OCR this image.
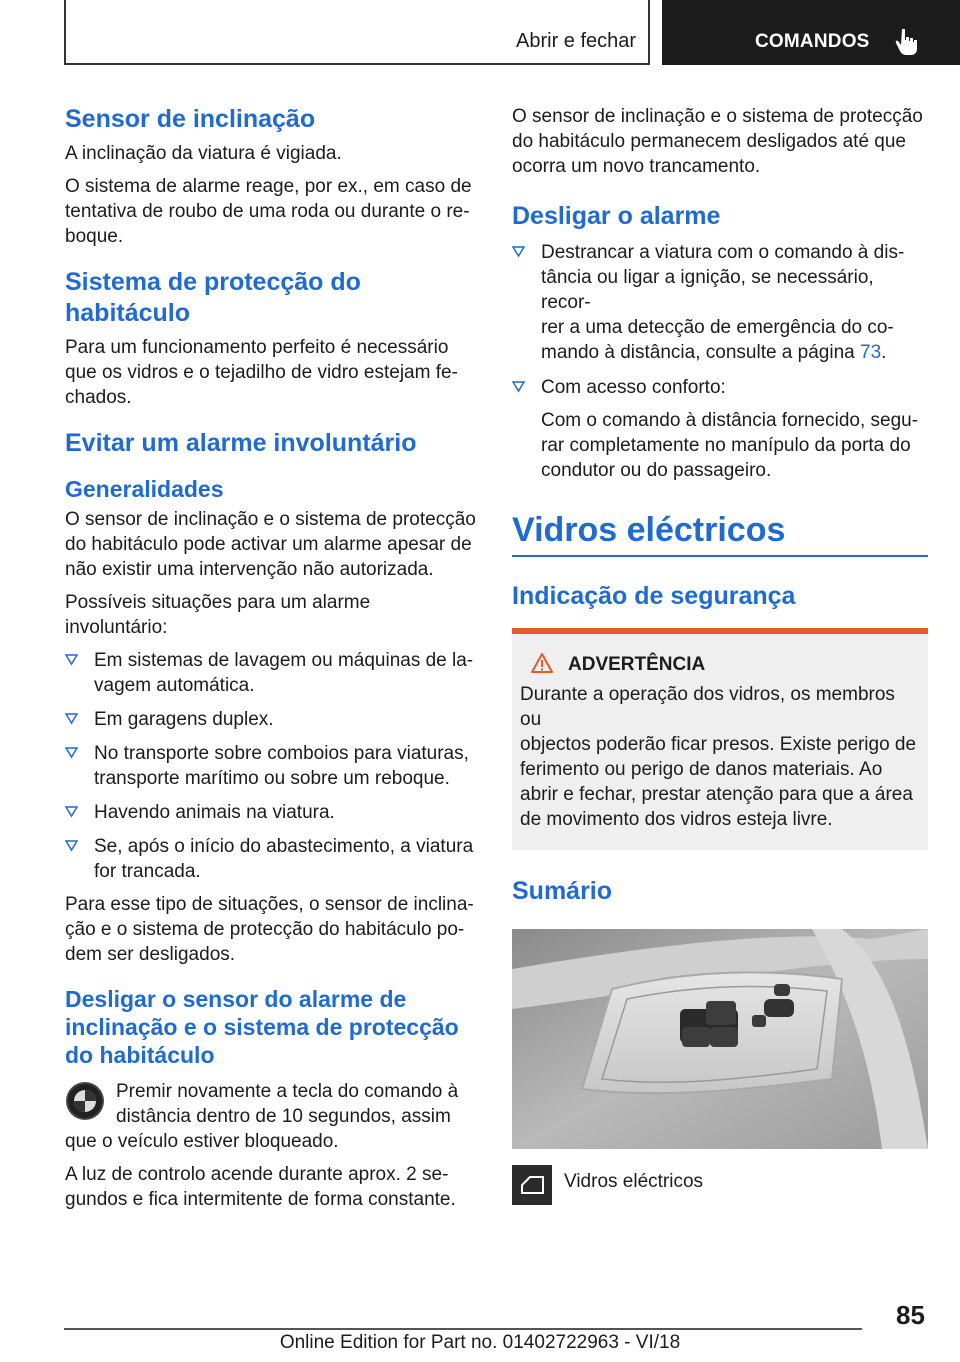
Abrir e fechar	COMANDOS
Sensor de inclinação

A inclinação da viatura é vigiada.

O sistema de alarme reage, por ex., em caso de

tentativa de roubo de uma roda ou durante o re-

boque.

Sistema de protecção do
habitáculo

Para um funcionamento perfeito é necessário

que os vidros e o tejadilho de vidro estejam fe-

chados.

Evitar um alarme involuntário
Generalidades

O sensor de inclinação e o sistema de protecção

do habitáculo pode activar um alarme apesar de

não existir uma intervenção não autorizada.

Possíveis situações para um alarme involuntário:

Em sistemas de lavagem ou máquinas de la-
vagem automática.
Em garagens duplex.
No transporte sobre comboios para viaturas,
transporte marítimo ou sobre um reboque.
Havendo animais na viatura.
Se, após o início do abastecimento, a viatura
for trancada.

Para esse tipo de situações, o sensor de inclina-

ção e o sistema de protecção do habitáculo po-

dem ser desligados.

Desligar o sensor do alarme de
inclinação e o sistema de protecção
do habitáculo

Premir novamente a tecla do comando à

distância dentro de 10 segundos, assim

que o veículo estiver bloqueado.

A luz de controlo acende durante aprox. 2 se-

gundos e fica intermitente de forma constante.

O sensor de inclinação e o sistema de protecção

do habitáculo permanecem desligados até que

ocorra um novo trancamento.

Desligar o alarme
Destrancar a viatura com o comando à dis-
tância ou ligar a ignição, se necessário, recor-
rer a uma detecção de emergência do co-
mando à distância, consulte a página 73.
Com acesso conforto:
Com o comando à distância fornecido, segu-
rar completamente no manípulo da porta do
condutor ou do passageiro.
Vidros eléctricos
Indicação de segurança
ADVERTÊNCIA
Durante a operação dos vidros, os membros ou
objectos poderão ficar presos. Existe perigo de
ferimento ou perigo de danos materiais. Ao
abrir e fechar, prestar atenção para que a área
de movimento dos vidros esteja livre.
Sumário
Vidros eléctricos
85
Online Edition for Part no. 01402722963 - VI/18
